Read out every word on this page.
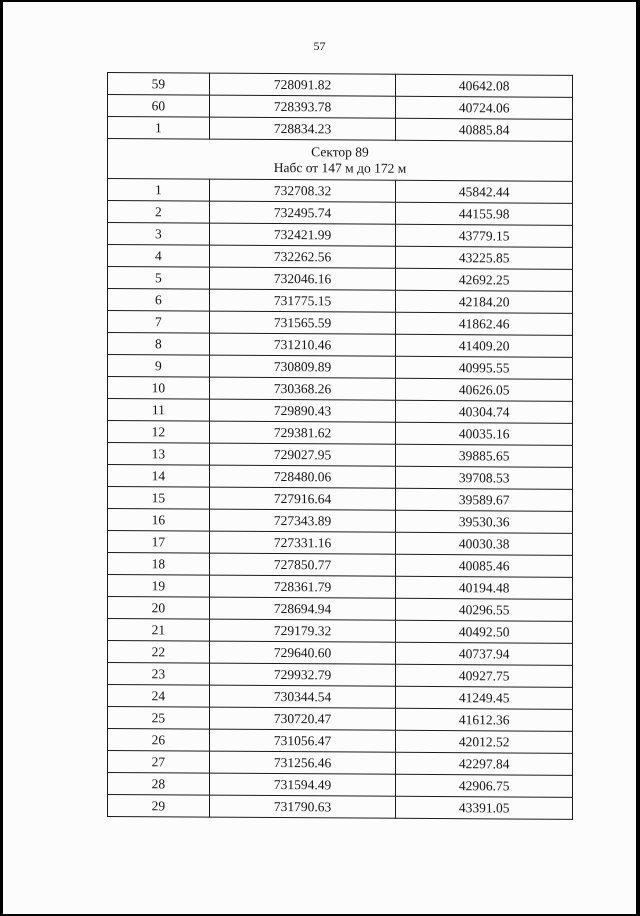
57
59	728091.82	40642.08
60	728393.78	40724.06
1	728834.23	40885.84

Сектор 89
Набс от 147 м до 172 м		

1	732708.32	45842.44
2	732495.74	44155.98
3	732421.99	43779.15
4	732262.56	43225.85
5	732046.16	42692.25
6	731775.15	42184.20
7	731565.59	41862.46
8	731210.46	41409.20
9	730809.89	40995.55
10	730368.26	40626.05
11	729890.43	40304.74
12	729381.62	40035.16
13	729027.95	39885.65
14	728480.06	39708.53
15	727916.64	39589.67
16	727343.89	39530.36
17	727331.16	40030.38
18	727850.77	40085.46
19	728361.79	40194.48
20	728694.94	40296.55
21	729179.32	40492.50
22	729640.60	40737.94
23	729932.79	40927.75
24	730344.54	41249.45
25	730720.47	41612.36
26	731056.47	42012.52
27	731256.46	42297.84
28	731594.49	42906.75
29	731790.63	43391.05
